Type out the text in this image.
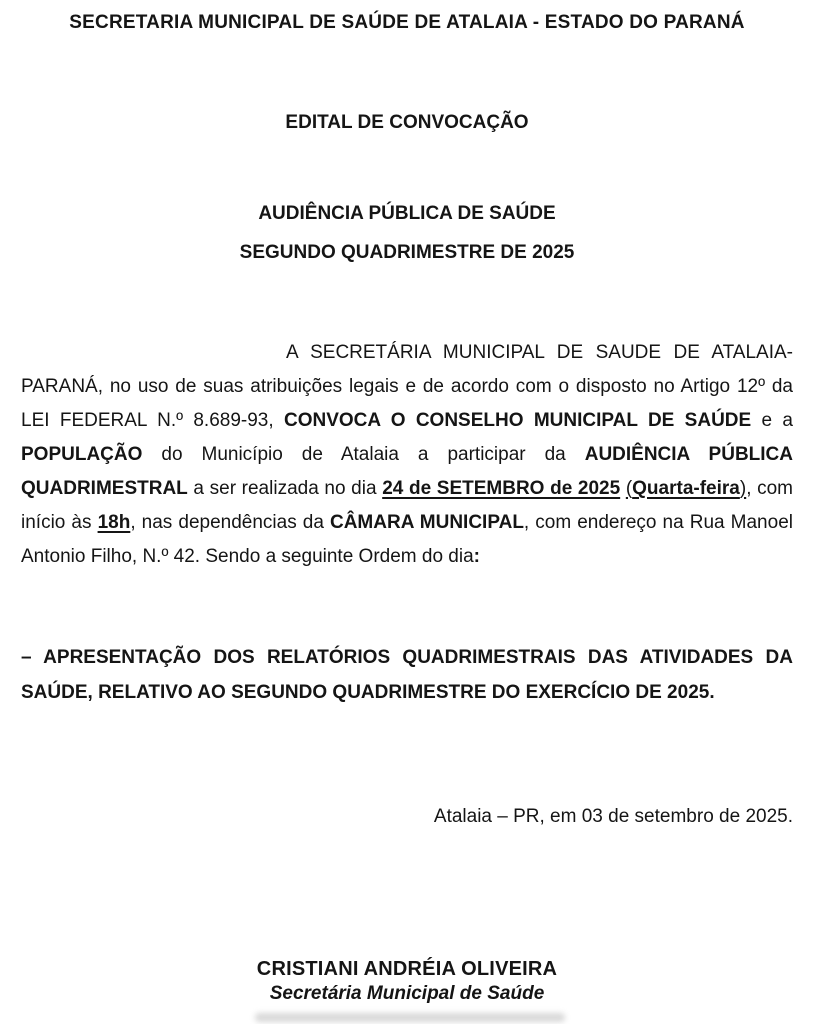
SECRETARIA MUNICIPAL DE SAÚDE DE ATALAIA - ESTADO DO PARANÁ
EDITAL DE CONVOCAÇÃO
AUDIÊNCIA PÚBLICA DE SAÚDE
SEGUNDO QUADRIMESTRE DE 2025
A SECRETÁRIA MUNICIPAL DE SAUDE DE ATALAIA-PARANÁ, no uso de suas atribuições legais e de acordo com o disposto no Artigo 12º da LEI FEDERAL N.º 8.689-93, CONVOCA O CONSELHO MUNICIPAL DE SAÚDE e a POPULAÇÃO do Município de Atalaia a participar da AUDIÊNCIA PÚBLICA QUADRIMESTRAL a ser realizada no dia 24 de SETEMBRO de 2025 (Quarta-feira), com início às 18h, nas dependências da CÂMARA MUNICIPAL, com endereço na Rua Manoel Antonio Filho, N.º 42. Sendo a seguinte Ordem do dia:
– APRESENTAÇÃO DOS RELATÓRIOS QUADRIMESTRAIS DAS ATIVIDADES DA SAÚDE, RELATIVO AO SEGUNDO QUADRIMESTRE DO EXERCÍCIO DE 2025.
Atalaia – PR, em 03 de setembro de 2025.
CRISTIANI ANDRÉIA OLIVEIRA
Secretária Municipal de Saúde
